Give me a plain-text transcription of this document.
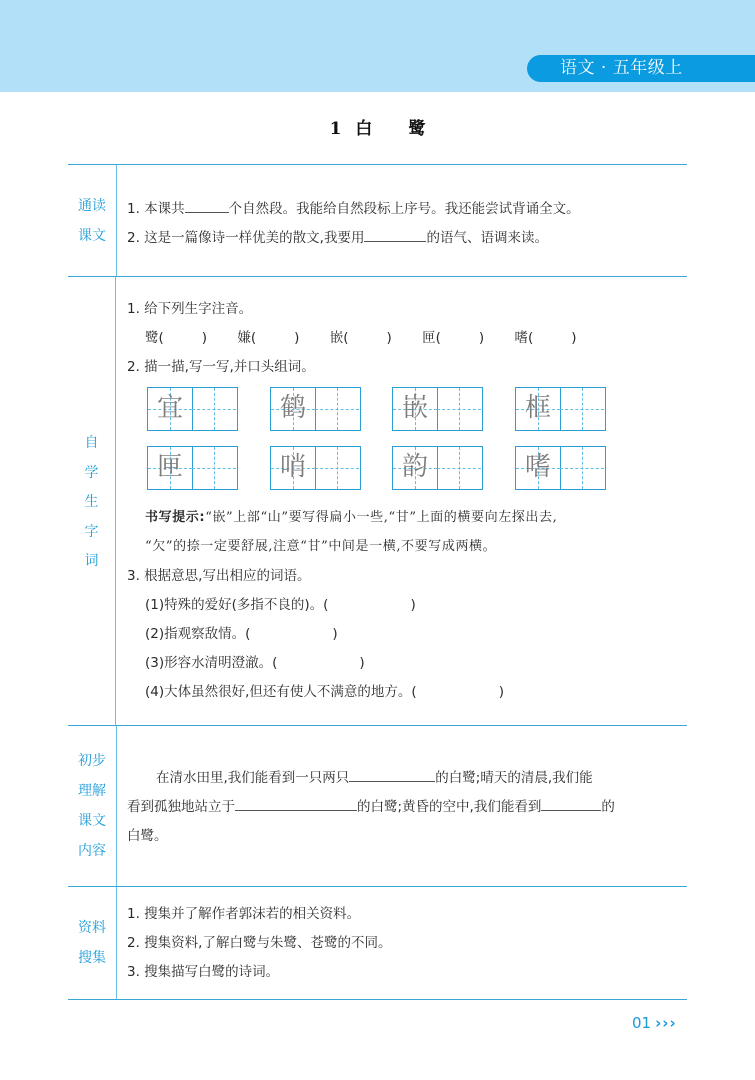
语文 · 五年级上
1 白 鹭
通读
课文
1. 本课共	个自然段。我能给自然段标上序号。我还能尝试背诵全文。
2. 这是一篇像诗一样优美的散文,我要用	的语气、语调来读。
自
学
生
字
词
1. 给下列生字注音。
鹭(	) 嫌(	) 嵌(	) 匣(	) 嗜(	)
2. 描一描,写一写,并口头组词。
宜	鹤	嵌	框
匣	哨	韵	嗜
书写提示:“嵌”上部“山”要写得扁小一些,“甘”上面的横要向左探出去,
“欠”的捺一定要舒展,注意“甘”中间是一横,不要写成两横。
3. 根据意思,写出相应的词语。
(1)特殊的爱好(多指不良的)。(	)
(2)指观察敌情。(	)
(3)形容水清明澄澈。(	)
(4)大体虽然很好,但还有使人不满意的地方。(	)
初步
理解
课文
内容
在清水田里,我们能看到一只两只	的白鹭;晴天的清晨,我们能
看到孤独地站立于	的白鹭;黄昏的空中,我们能看到	的
白鹭。
资料
搜集
1. 搜集并了解作者郭沫若的相关资料。
2. 搜集资料,了解白鹭与朱鹭、苍鹭的不同。
3. 搜集描写白鹭的诗词。
01 ›››
